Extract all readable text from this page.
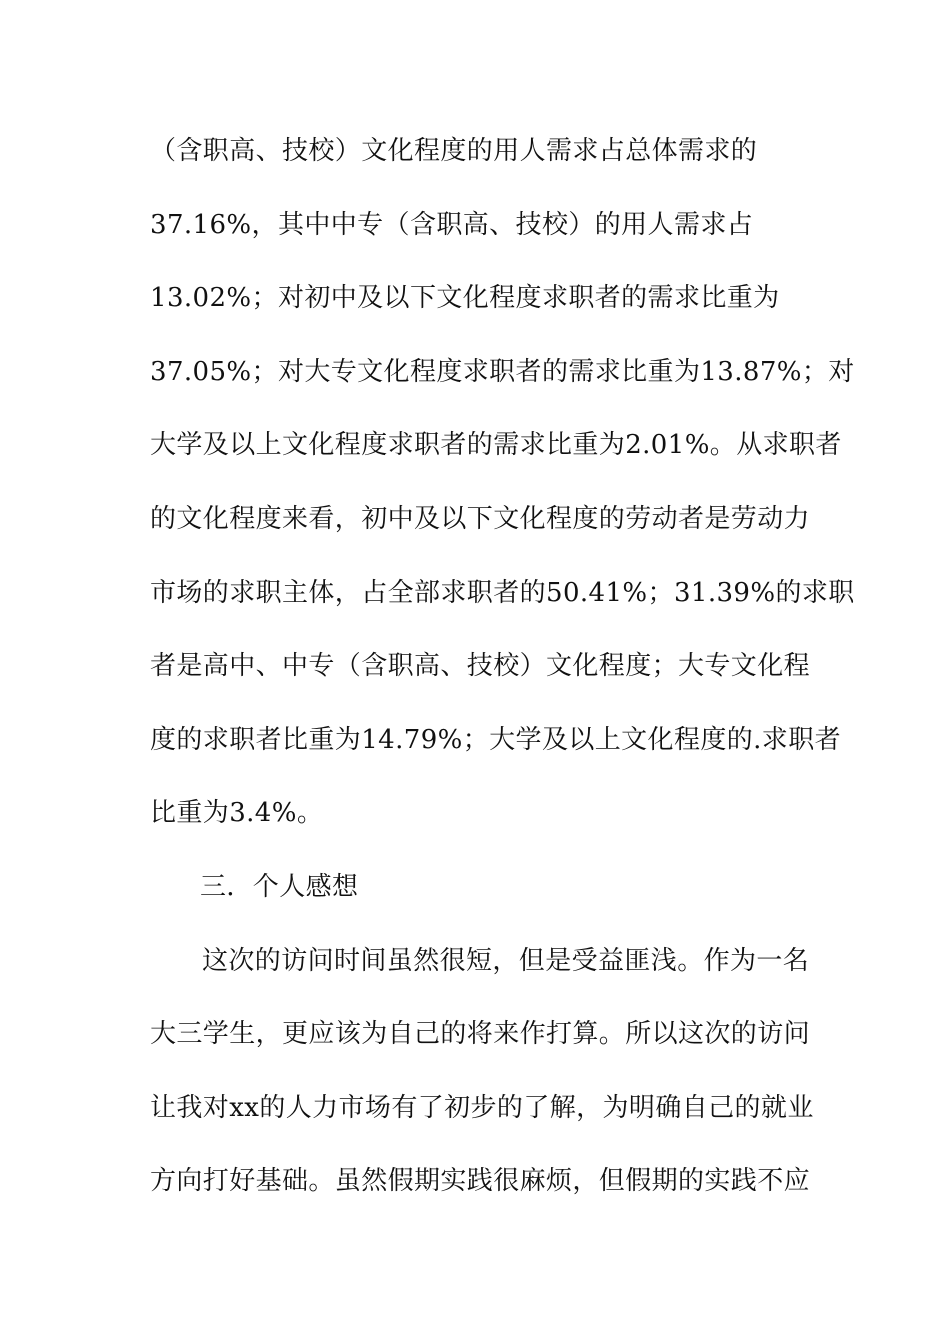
（含职高、技校）文化程度的用人需求占总体需求的
37.16%，其中中专（含职高、技校）的用人需求占
13.02%；对初中及以下文化程度求职者的需求比重为
37.05%；对大专文化程度求职者的需求比重为13.87%；对
大学及以上文化程度求职者的需求比重为2.01%。从求职者
的文化程度来看，初中及以下文化程度的劳动者是劳动力
市场的求职主体，占全部求职者的50.41%；31.39%的求职
者是高中、中专（含职高、技校）文化程度；大专文化程
度的求职者比重为14.79%；大学及以上文化程度的.求职者
比重为3.4%。
三．个人感想
这次的访问时间虽然很短，但是受益匪浅。作为一名
大三学生，更应该为自己的将来作打算。所以这次的访问
让我对xx的人力市场有了初步的了解，为明确自己的就业
方向打好基础。虽然假期实践很麻烦，但假期的实践不应
